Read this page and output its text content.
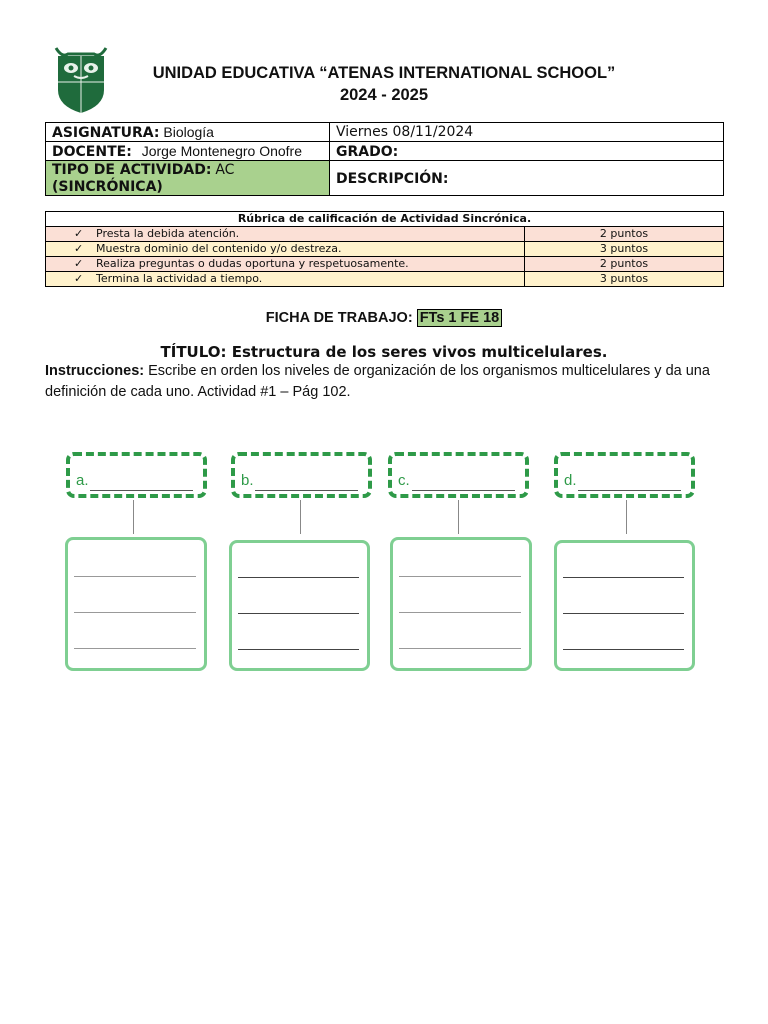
UNIDAD EDUCATIVA “ATENAS INTERNATIONAL SCHOOL”
2024 - 2025
ASIGNATURA: Biología	Viernes 08/11/2024
DOCENTE: Jorge Montenegro Onofre	GRADO:
TIPO DE ACTIVIDAD: AC
(SINCRÓNICA)	DESCRIPCIÓN:
Rúbrica de calificación de Actividad Sincrónica.	
✓ Presta la debida atención.	2 puntos
✓ Muestra dominio del contenido y/o destreza.	3 puntos
✓ Realiza preguntas o dudas oportuna y respetuosamente.	2 puntos
✓ Termina la actividad a tiempo.	3 puntos
FICHA DE TRABAJO: FTs 1 FE 18
TÍTULO: Estructura de los seres vivos multicelulares.
Instrucciones: Escribe en orden los niveles de organización de los organismos multicelulares y da una definición de cada uno. Actividad #1 – Pág 102.
a.	b.	c.	d.
